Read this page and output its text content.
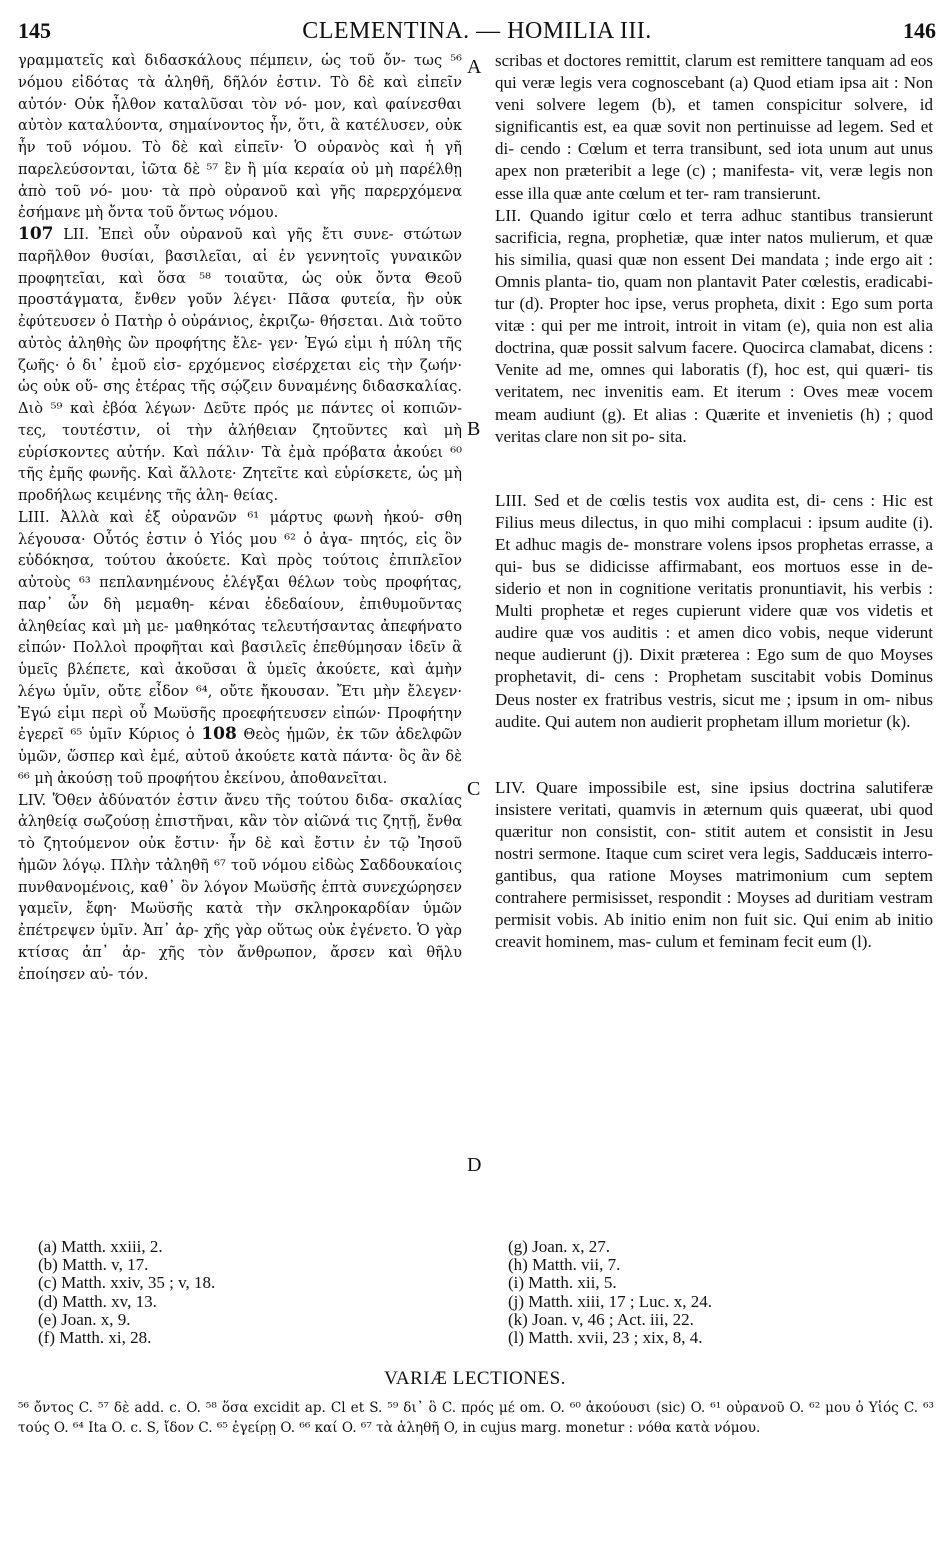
145	CLEMENTINA. — HOMILIA III.	146

γραμματεῖς καὶ διδασκάλους πέμπειν, ὡς τοῦ ὄν- τως ⁵⁶ νόμου εἰδότας τὰ ἀληθῆ, δῆλόν ἐστιν. Τὸ δὲ καὶ εἰπεῖν αὐτόν· Οὐκ ἦλθον καταλῦσαι τὸν νό- μον, καὶ φαίνεσθαι αὐτὸν καταλύοντα, σημαίνοντος ἦν, ὅτι, ἃ κατέλυσεν, οὐκ ἦν τοῦ νόμου. Τὸ δὲ καὶ εἰπεῖν· Ὁ οὐρανὸς καὶ ἡ γῆ παρελεύσονται, ἰῶτα δὲ ⁵⁷ ἓν ἢ μία κεραία οὐ μὴ παρέλθῃ ἀπὸ τοῦ νό- μου· τὰ πρὸ οὐρανοῦ καὶ γῆς παρερχόμενα ἐσήμανε μὴ ὄντα τοῦ ὄντως νόμου.

107 LII. Ἐπεὶ οὖν οὐρανοῦ καὶ γῆς ἔτι συνε- στώτων παρῆλθον θυσίαι, βασιλεῖαι, αἱ ἐν γεννητοῖς γυναικῶν προφητεῖαι, καὶ ὅσα ⁵⁸ τοιαῦτα, ὡς οὐκ ὄντα Θεοῦ προστάγματα, ἔνθεν γοῦν λέγει· Πᾶσα φυτεία, ἣν οὐκ ἐφύτευσεν ὁ Πατὴρ ὁ οὐράνιος, ἐκριζω- θήσεται. Διὰ τοῦτο αὐτὸς ἀληθὴς ὢν προφήτης ἔλε- γεν· Ἐγώ εἰμι ἡ πύλη τῆς ζωῆς· ὁ δι᾽ ἐμοῦ εἰσ- ερχόμενος εἰσέρχεται εἰς τὴν ζωήν· ὡς οὐκ οὔ- σης ἑτέρας τῆς σῴζειν δυναμένης διδασκαλίας. Διὸ ⁵⁹ καὶ ἐβόα λέγων· Δεῦτε πρός με πάντες οἱ κοπιῶν- τες, τουτέστιν, οἱ τὴν ἀλήθειαν ζητοῦντες καὶ μὴ εὑρίσκοντες αὐτήν. Καὶ πάλιν· Τὰ ἐμὰ πρόβατα ἀκούει ⁶⁰ τῆς ἐμῆς φωνῆς. Καὶ ἄλλοτε· Ζητεῖτε καὶ εὑρίσκετε, ὡς μὴ προδήλως κειμένης τῆς ἀλη- θείας.

LIII. Ἀλλὰ καὶ ἐξ οὐρανῶν ⁶¹ μάρτυς φωνὴ ἠκού- σθη λέγουσα· Οὗτός ἐστιν ὁ Υἱός μου ⁶² ὁ ἀγα- πητός, εἰς ὃν εὐδόκησα, τούτου ἀκούετε. Καὶ πρὸς τούτοις ἐπιπλεῖον αὐτοὺς ⁶³ πεπλανημένους ἐλέγξαι θέλων τοὺς προφήτας, παρ᾽ ὧν δὴ μεμαθη- κέναι ἐδεδαίουν, ἐπιθυμοῦντας ἀληθείας καὶ μὴ με- μαθηκότας τελευτήσαντας ἀπεφήνατο εἰπών· Πολλοὶ προφῆται καὶ βασιλεῖς ἐπεθύμησαν ἰδεῖν ἃ ὑμεῖς βλέπετε, καὶ ἀκοῦσαι ἃ ὑμεῖς ἀκούετε, καὶ ἀμὴν λέγω ὑμῖν, οὔτε εἶδον ⁶⁴, οὔτε ἤκουσαν. Ἔτι μὴν ἔλεγεν· Ἐγώ εἰμι περὶ οὗ Μωϋσῆς προεφήτευσεν εἰπών· Προφήτην ἐγερεῖ ⁶⁵ ὑμῖν Κύριος ὁ 108 Θεὸς ἡμῶν, ἐκ τῶν ἀδελφῶν ὑμῶν, ὥσπερ καὶ ἐμέ, αὐτοῦ ἀκούετε κατὰ πάντα· ὃς ἂν δὲ ⁶⁶ μὴ ἀκούσῃ τοῦ προφήτου ἐκείνου, ἀποθανεῖται.

LIV. Ὅθεν ἀδύνατόν ἐστιν ἄνευ τῆς τούτου διδα- σκαλίας ἀληθείᾳ σωζούσῃ ἐπιστῆναι, κἂν τὸν αἰῶνά τις ζητῇ, ἔνθα τὸ ζητούμενον οὐκ ἔστιν· ἦν δὲ καὶ ἔστιν ἐν τῷ Ἰησοῦ ἡμῶν λόγῳ. Πλὴν τἀληθῆ ⁶⁷ τοῦ νόμου εἰδὼς Σαδδουκαίοις πυνθανομένοις, καθ᾽ ὃν λόγον Μωϋσῆς ἑπτὰ συνεχώρησεν γαμεῖν, ἔφη· Μωϋσῆς κατὰ τὴν σκληροκαρδίαν ὑμῶν ἐπέτρεψεν ὑμῖν. Ἀπ᾽ ἀρ- χῆς γὰρ οὕτως οὐκ ἐγένετο. Ὁ γὰρ κτίσας ἀπ᾽ ἀρ- χῆς τὸν ἄνθρωπον, ἄρσεν καὶ θῆλυ ἐποίησεν αὐ- τόν.

A
B
C
D

scribas et doctores remittit, clarum est remittere tanquam ad eos qui veræ legis vera cognoscebant (a) Quod etiam ipsa ait : Non veni solvere legem (b), et tamen conspicitur solvere, id significantis est, ea quæ sovit non pertinuisse ad legem. Sed et di- cendo : Cœlum et terra transibunt, sed iota unum aut unus apex non præteribit a lege (c) ; manifesta- vit, veræ legis non esse illa quæ ante cœlum et ter- ram transierunt.

LII. Quando igitur cœlo et terra adhuc stantibus transierunt sacrificia, regna, prophetiæ, quæ inter natos mulierum, et quæ his similia, quasi quæ non essent Dei mandata ; inde ergo ait : Omnis planta- tio, quam non plantavit Pater cœlestis, eradicabi- tur (d). Propter hoc ipse, verus propheta, dixit : Ego sum porta vitæ : qui per me introit, introit in vitam (e), quia non est alia doctrina, quæ possit salvum facere. Quocirca clamabat, dicens : Venite ad me, omnes qui laboratis (f), hoc est, qui quæri- tis veritatem, nec invenitis eam. Et iterum : Oves meæ vocem meam audiunt (g). Et alias : Quærite et invenietis (h) ; quod veritas clare non sit po- sita.

LIII. Sed et de cœlis testis vox audita est, di- cens : Hic est Filius meus dilectus, in quo mihi complacui : ipsum audite (i). Et adhuc magis de- monstrare volens ipsos prophetas errasse, a qui- bus se didicisse affirmabant, eos mortuos esse in de- siderio et non in cognitione veritatis pronuntiavit, his verbis : Multi prophetæ et reges cupierunt videre quæ vos videtis et audire quæ vos auditis : et amen dico vobis, neque viderunt neque audierunt (j). Dixit præterea : Ego sum de quo Moyses prophetavit, di- cens : Prophetam suscitabit vobis Dominus Deus noster ex fratribus vestris, sicut me ; ipsum in om- nibus audite. Qui autem non audierit prophetam illum morietur (k).

LIV. Quare impossibile est, sine ipsius doctrina salutiferæ insistere veritati, quamvis in æternum quis quæerat, ubi quod quæritur non consistit, con- stitit autem et consistit in Jesu nostri sermone. Itaque cum sciret vera legis, Sadducæis interro- gantibus, qua ratione Moyses matrimonium cum septem contrahere permisisset, respondit : Moyses ad duritiam vestram permisit vobis. Ab initio enim non fuit sic. Qui enim ab initio creavit hominem, mas- culum et feminam fecit eum (l).

(a) Matth. xxiii, 2.
(b) Matth. v, 17.
(c) Matth. xxiv, 35 ; v, 18.
(d) Matth. xv, 13.
(e) Joan. x, 9.
(f) Matth. xi, 28.
(g) Joan. x, 27.
(h) Matth. vii, 7.
(i) Matth. xii, 5.
(j) Matth. xiii, 17 ; Luc. x, 24.
(k) Joan. v, 46 ; Act. iii, 22.
(l) Matth. xvii, 23 ; xix, 8, 4.
VARIÆ LECTIONES.
⁵⁶ ὄντος C. ⁵⁷ δὲ add. c. O. ⁵⁸ ὅσα excidit ap. Cl et S. ⁵⁹ δι᾽ ὃ C. πρός μέ om. O. ⁶⁰ ἀκούουσι (sic) O. ⁶¹ οὐρανοῦ O. ⁶² μου ὁ Υἱός C. ⁶³ τούς O. ⁶⁴ Ita O. c. S, ἴδον C. ⁶⁵ ἐγείρῃ O. ⁶⁶ καί O. ⁶⁷ τὰ ἀληθῆ O, in cujus marg. monetur : νόθα κατὰ νόμου.
